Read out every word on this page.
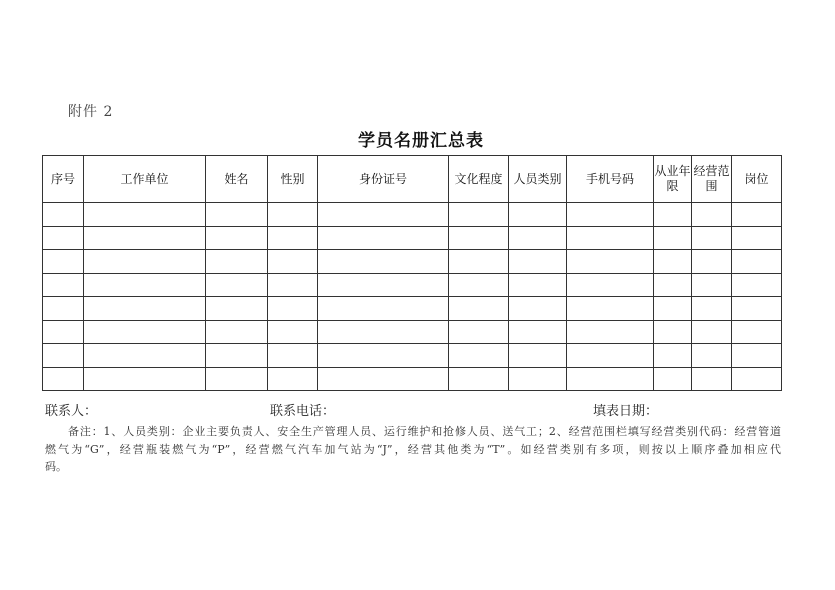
附件 2
学员名册汇总表
序号	工作单位	姓名	性别	身份证号	文化程度	人员类别	手机号码	从业年限	经营范围	岗位

联系人：	联系电话：	填表日期：
备注：1、人员类别：企业主要负责人、安全生产管理人员、运行维护和抢修人员、送气工；2、经营范围栏填写经营类别代码：经营管道
燃气为“G”，经营瓶装燃气为“P”，经营燃气汽车加气站为“J”，经营其他类为“T”。如经营类别有多项，则按以上顺序叠加相应代
码。
